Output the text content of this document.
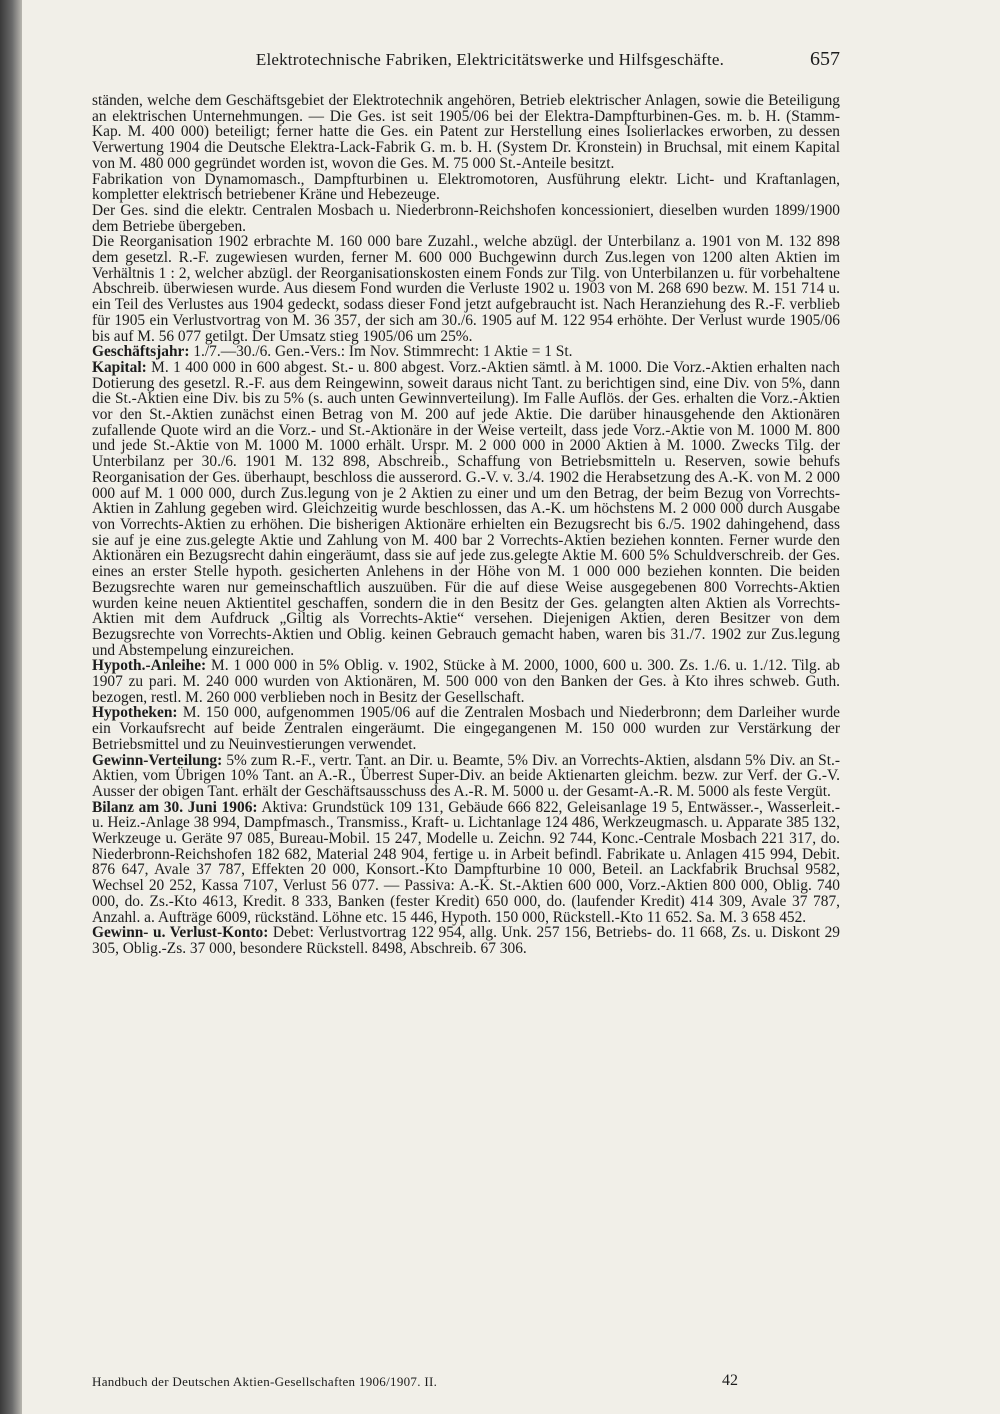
Elektrotechnische Fabriken, Elektricitätswerke und Hilfsgeschäfte.	657

ständen, welche dem Geschäftsgebiet der Elektrotechnik angehören, Betrieb elektrischer Anlagen, sowie die Beteiligung an elektrischen Unternehmungen. — Die Ges. ist seit 1905/06 bei der Elektra-Dampfturbinen-Ges. m. b. H. (Stamm-Kap. M. 400 000) beteiligt; ferner hatte die Ges. ein Patent zur Herstellung eines Isolierlackes erworben, zu dessen Verwertung 1904 die Deutsche Elektra-Lack-Fabrik G. m. b. H. (System Dr. Kronstein) in Bruchsal, mit einem Kapital von M. 480 000 gegründet worden ist, wovon die Ges. M. 75 000 St.-Anteile besitzt.

Fabrikation von Dynamomasch., Dampfturbinen u. Elektromotoren, Ausführung elektr. Licht- und Kraftanlagen, kompletter elektrisch betriebener Kräne und Hebezeuge.

Der Ges. sind die elektr. Centralen Mosbach u. Niederbronn-Reichshofen koncessioniert, dieselben wurden 1899/1900 dem Betriebe übergeben.

Die Reorganisation 1902 erbrachte M. 160 000 bare Zuzahl., welche abzügl. der Unterbilanz a. 1901 von M. 132 898 dem gesetzl. R.-F. zugewiesen wurden, ferner M. 600 000 Buchgewinn durch Zus.legen von 1200 alten Aktien im Verhältnis 1 : 2, welcher abzügl. der Reorganisationskosten einem Fonds zur Tilg. von Unterbilanzen u. für vorbehaltene Abschreib. überwiesen wurde. Aus diesem Fond wurden die Verluste 1902 u. 1903 von M. 268 690 bezw. M. 151 714 u. ein Teil des Verlustes aus 1904 gedeckt, sodass dieser Fond jetzt aufgebraucht ist. Nach Heranziehung des R.-F. verblieb für 1905 ein Verlustvortrag von M. 36 357, der sich am 30./6. 1905 auf M. 122 954 erhöhte. Der Verlust wurde 1905/06 bis auf M. 56 077 getilgt. Der Umsatz stieg 1905/06 um 25%.

Geschäftsjahr: 1./7.—30./6. Gen.-Vers.: Im Nov. Stimmrecht: 1 Aktie = 1 St.

Kapital: M. 1 400 000 in 600 abgest. St.- u. 800 abgest. Vorz.-Aktien sämtl. à M. 1000. Die Vorz.-Aktien erhalten nach Dotierung des gesetzl. R.-F. aus dem Reingewinn, soweit daraus nicht Tant. zu berichtigen sind, eine Div. von 5%, dann die St.-Aktien eine Div. bis zu 5% (s. auch unten Gewinnverteilung). Im Falle Auflös. der Ges. erhalten die Vorz.-Aktien vor den St.-Aktien zunächst einen Betrag von M. 200 auf jede Aktie. Die darüber hinausgehende den Aktionären zufallende Quote wird an die Vorz.- und St.-Aktionäre in der Weise verteilt, dass jede Vorz.-Aktie von M. 1000 M. 800 und jede St.-Aktie von M. 1000 M. 1000 erhält. Urspr. M. 2 000 000 in 2000 Aktien à M. 1000. Zwecks Tilg. der Unterbilanz per 30./6. 1901 M. 132 898, Abschreib., Schaffung von Betriebsmitteln u. Reserven, sowie behufs Reorganisation der Ges. überhaupt, beschloss die ausserord. G.-V. v. 3./4. 1902 die Herabsetzung des A.-K. von M. 2 000 000 auf M. 1 000 000, durch Zus.legung von je 2 Aktien zu einer und um den Betrag, der beim Bezug von Vorrechts-Aktien in Zahlung gegeben wird. Gleichzeitig wurde beschlossen, das A.-K. um höchstens M. 2 000 000 durch Ausgabe von Vorrechts-Aktien zu erhöhen. Die bisherigen Aktionäre erhielten ein Bezugsrecht bis 6./5. 1902 dahingehend, dass sie auf je eine zus.gelegte Aktie und Zahlung von M. 400 bar 2 Vorrechts-Aktien beziehen konnten. Ferner wurde den Aktionären ein Bezugsrecht dahin eingeräumt, dass sie auf jede zus.gelegte Aktie M. 600 5% Schuldverschreib. der Ges. eines an erster Stelle hypoth. gesicherten Anlehens in der Höhe von M. 1 000 000 beziehen konnten. Die beiden Bezugsrechte waren nur gemeinschaftlich auszuüben. Für die auf diese Weise ausgegebenen 800 Vorrechts-Aktien wurden keine neuen Aktientitel geschaffen, sondern die in den Besitz der Ges. gelangten alten Aktien als Vorrechts-Aktien mit dem Aufdruck „Giltig als Vorrechts-Aktie“ versehen. Diejenigen Aktien, deren Besitzer von dem Bezugsrechte von Vorrechts-Aktien und Oblig. keinen Gebrauch gemacht haben, waren bis 31./7. 1902 zur Zus.legung und Abstempelung einzureichen.

Hypoth.-Anleihe: M. 1 000 000 in 5% Oblig. v. 1902, Stücke à M. 2000, 1000, 600 u. 300. Zs. 1./6. u. 1./12. Tilg. ab 1907 zu pari. M. 240 000 wurden von Aktionären, M. 500 000 von den Banken der Ges. à Kto ihres schweb. Guth. bezogen, restl. M. 260 000 verblieben noch in Besitz der Gesellschaft.

Hypotheken: M. 150 000, aufgenommen 1905/06 auf die Zentralen Mosbach und Niederbronn; dem Darleiher wurde ein Vorkaufsrecht auf beide Zentralen eingeräumt. Die eingegangenen M. 150 000 wurden zur Verstärkung der Betriebsmittel und zu Neuinvestierungen verwendet.

Gewinn-Verteilung: 5% zum R.-F., vertr. Tant. an Dir. u. Beamte, 5% Div. an Vorrechts-Aktien, alsdann 5% Div. an St.-Aktien, vom Übrigen 10% Tant. an A.-R., Überrest Super-Div. an beide Aktienarten gleichm. bezw. zur Verf. der G.-V. Ausser der obigen Tant. erhält der Geschäftsausschuss des A.-R. M. 5000 u. der Gesamt-A.-R. M. 5000 als feste Vergüt.

Bilanz am 30. Juni 1906: Aktiva: Grundstück 109 131, Gebäude 666 822, Geleisanlage 19 5, Entwässer.-, Wasserleit.- u. Heiz.-Anlage 38 994, Dampfmasch., Transmiss., Kraft- u. Lichtanlage 124 486, Werkzeugmasch. u. Apparate 385 132, Werkzeuge u. Geräte 97 085, Bureau-Mobil. 15 247, Modelle u. Zeichn. 92 744, Konc.-Centrale Mosbach 221 317, do. Niederbronn-Reichshofen 182 682, Material 248 904, fertige u. in Arbeit befindl. Fabrikate u. Anlagen 415 994, Debit. 876 647, Avale 37 787, Effekten 20 000, Konsort.-Kto Dampfturbine 10 000, Beteil. an Lackfabrik Bruchsal 9582, Wechsel 20 252, Kassa 7107, Verlust 56 077. — Passiva: A.-K. St.-Aktien 600 000, Vorz.-Aktien 800 000, Oblig. 740 000, do. Zs.-Kto 4613, Kredit. 8 333, Banken (fester Kredit) 650 000, do. (laufender Kredit) 414 309, Avale 37 787, Anzahl. a. Aufträge 6009, rückständ. Löhne etc. 15 446, Hypoth. 150 000, Rückstell.-Kto 11 652. Sa. M. 3 658 452.

Gewinn- u. Verlust-Konto: Debet: Verlustvortrag 122 954, allg. Unk. 257 156, Betriebs- do. 11 668, Zs. u. Diskont 29 305, Oblig.-Zs. 37 000, besondere Rückstell. 8498, Abschreib. 67 306.

Handbuch der Deutschen Aktien-Gesellschaften 1906/1907. II.	42
